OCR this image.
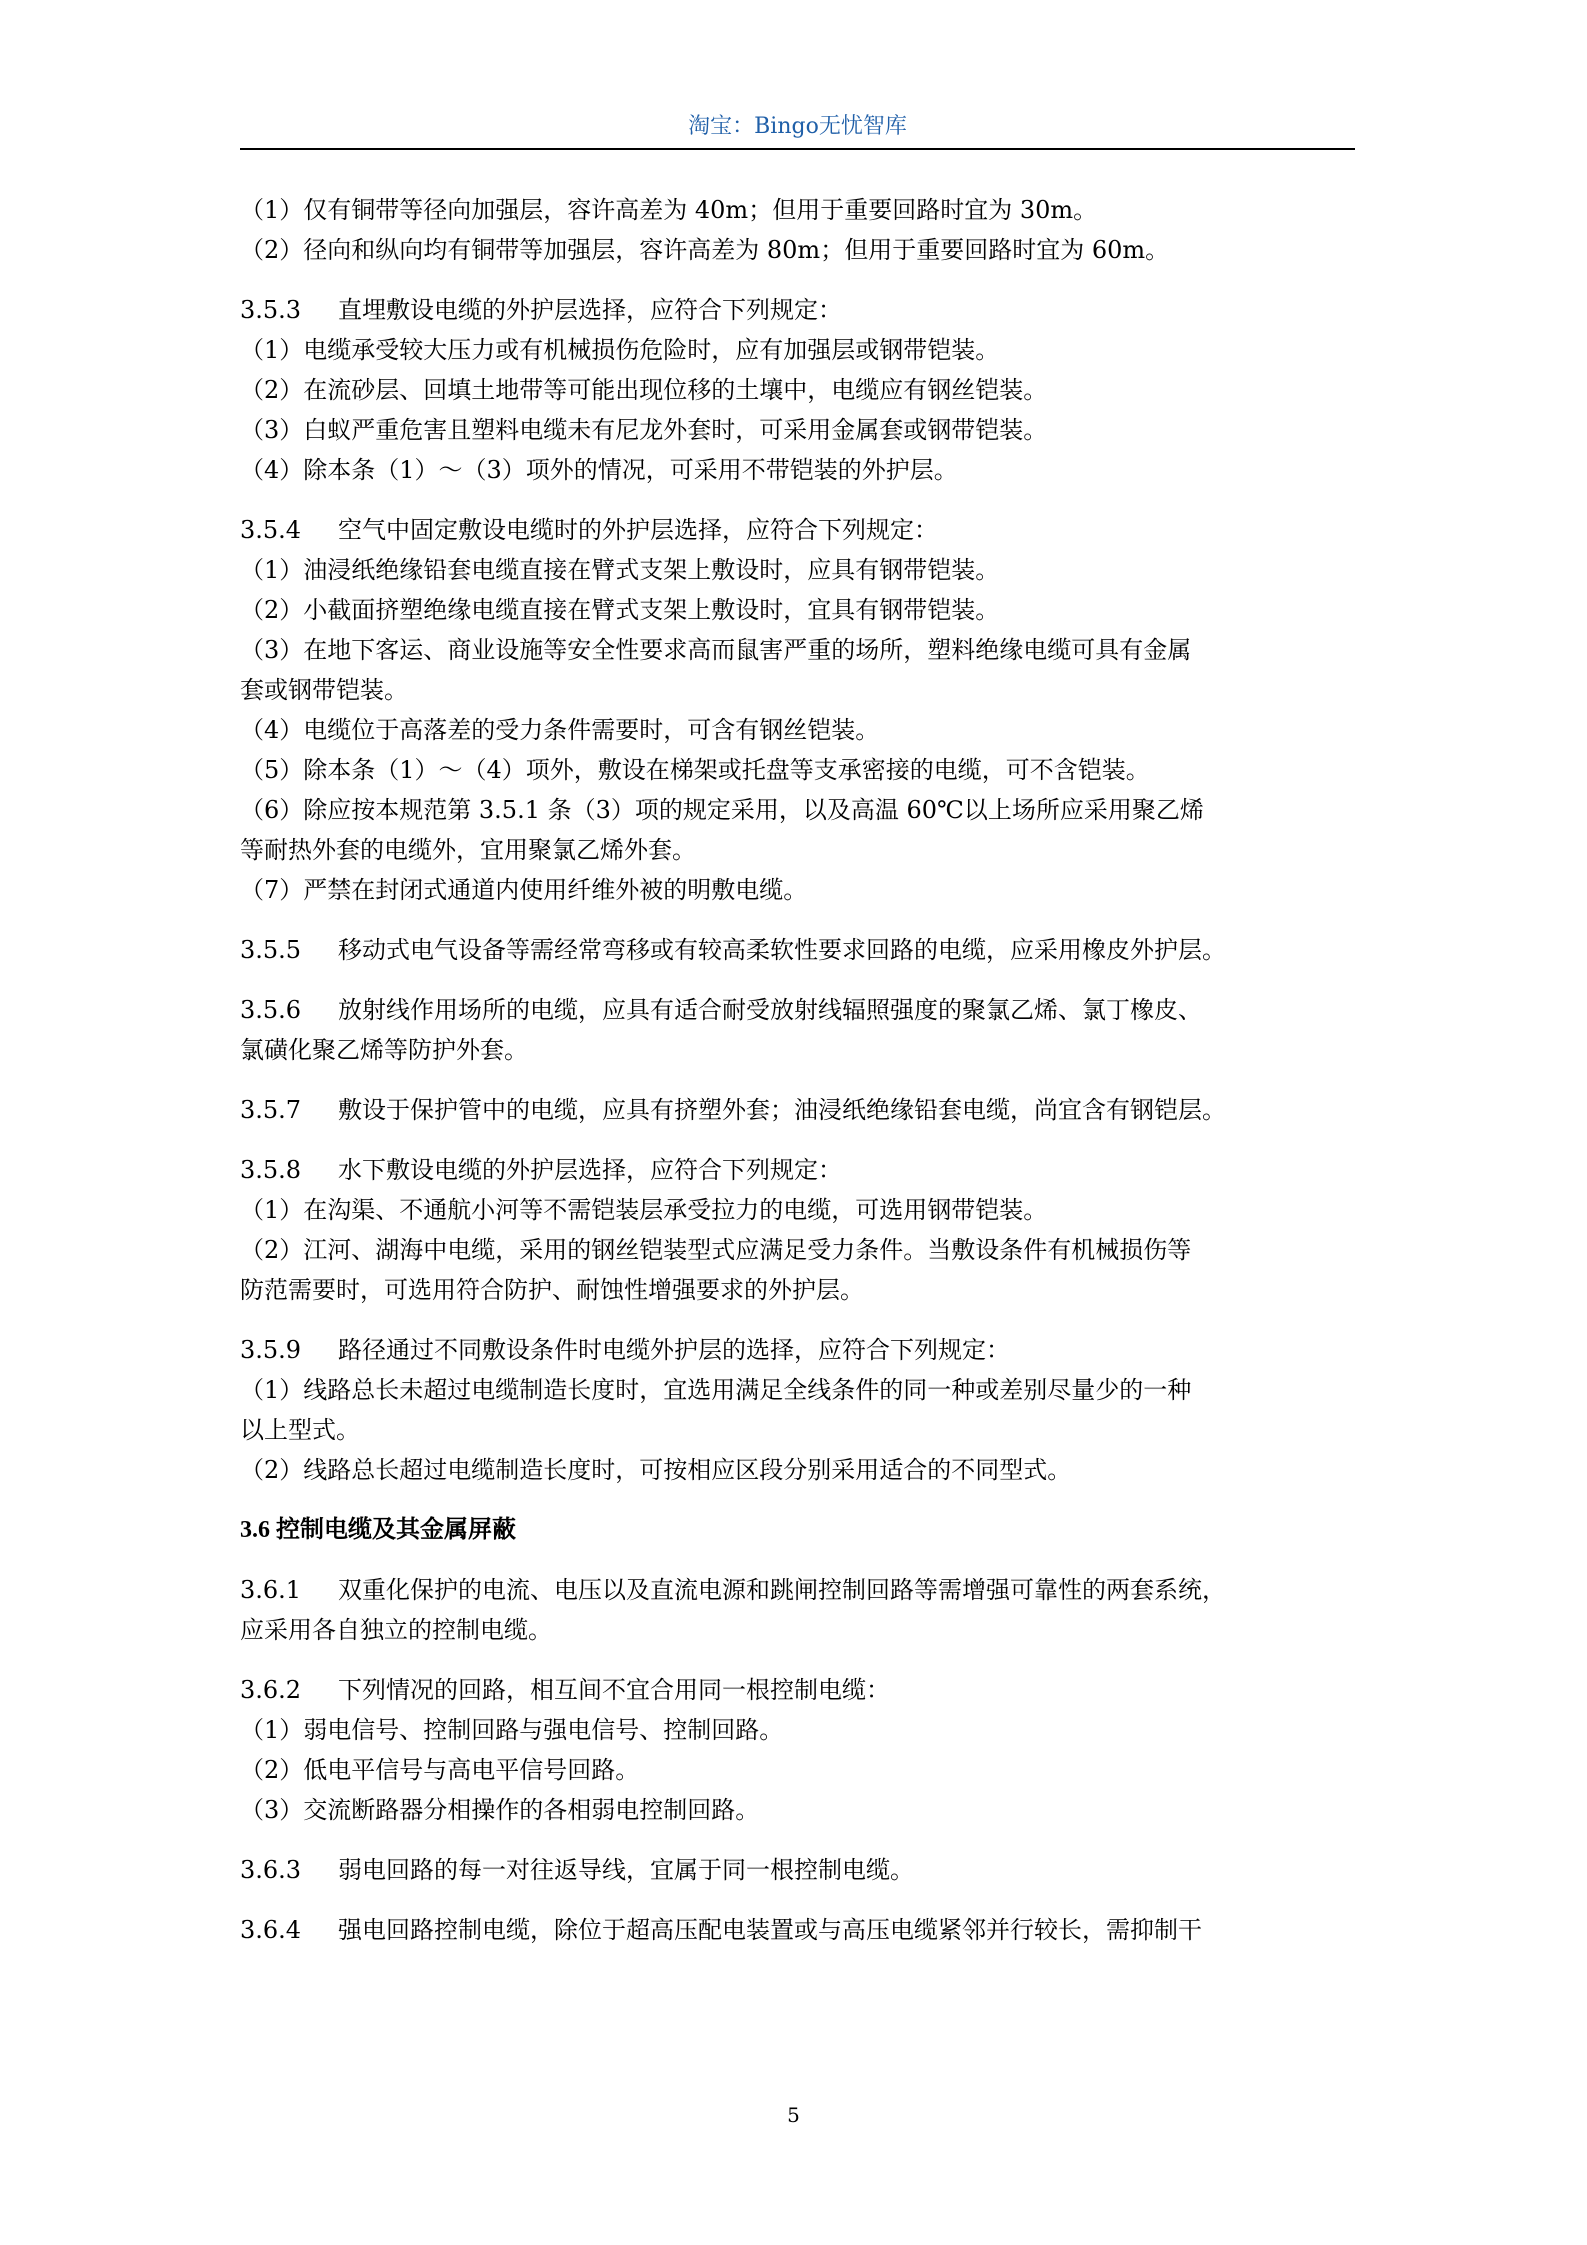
淘宝：Bingo无忧智库
（1）仅有铜带等径向加强层，容许高差为 40m；但用于重要回路时宜为 30m。
（2）径向和纵向均有铜带等加强层，容许高差为 80m；但用于重要回路时宜为 60m。
3.5.3 直埋敷设电缆的外护层选择，应符合下列规定：
（1）电缆承受较大压力或有机械损伤危险时，应有加强层或钢带铠装。
（2）在流砂层、回填土地带等可能出现位移的土壤中，电缆应有钢丝铠装。
（3）白蚁严重危害且塑料电缆未有尼龙外套时，可采用金属套或钢带铠装。
（4）除本条（1）～（3）项外的情况，可采用不带铠装的外护层。
3.5.4 空气中固定敷设电缆时的外护层选择，应符合下列规定：
（1）油浸纸绝缘铅套电缆直接在臂式支架上敷设时，应具有钢带铠装。
（2）小截面挤塑绝缘电缆直接在臂式支架上敷设时，宜具有钢带铠装。
（3）在地下客运、商业设施等安全性要求高而鼠害严重的场所，塑料绝缘电缆可具有金属
套或钢带铠装。
（4）电缆位于高落差的受力条件需要时，可含有钢丝铠装。
（5）除本条（1）～（4）项外，敷设在梯架或托盘等支承密接的电缆，可不含铠装。
（6）除应按本规范第 3.5.1 条（3）项的规定采用，以及高温 60℃以上场所应采用聚乙烯
等耐热外套的电缆外，宜用聚氯乙烯外套。
（7）严禁在封闭式通道内使用纤维外被的明敷电缆。
3.5.5 移动式电气设备等需经常弯移或有较高柔软性要求回路的电缆，应采用橡皮外护层。
3.5.6 放射线作用场所的电缆，应具有适合耐受放射线辐照强度的聚氯乙烯、氯丁橡皮、
氯磺化聚乙烯等防护外套。
3.5.7 敷设于保护管中的电缆，应具有挤塑外套；油浸纸绝缘铅套电缆，尚宜含有钢铠层。
3.5.8 水下敷设电缆的外护层选择，应符合下列规定：
（1）在沟渠、不通航小河等不需铠装层承受拉力的电缆，可选用钢带铠装。
（2）江河、湖海中电缆，采用的钢丝铠装型式应满足受力条件。当敷设条件有机械损伤等
防范需要时，可选用符合防护、耐蚀性增强要求的外护层。
3.5.9 路径通过不同敷设条件时电缆外护层的选择，应符合下列规定：
（1）线路总长未超过电缆制造长度时，宜选用满足全线条件的同一种或差别尽量少的一种
以上型式。
（2）线路总长超过电缆制造长度时，可按相应区段分别采用适合的不同型式。
3.6 控制电缆及其金属屏蔽
3.6.1 双重化保护的电流、电压以及直流电源和跳闸控制回路等需增强可靠性的两套系统，
应采用各自独立的控制电缆。
3.6.2 下列情况的回路，相互间不宜合用同一根控制电缆：
（1）弱电信号、控制回路与强电信号、控制回路。
（2）低电平信号与高电平信号回路。
（3）交流断路器分相操作的各相弱电控制回路。
3.6.3 弱电回路的每一对往返导线，宜属于同一根控制电缆。
3.6.4 强电回路控制电缆，除位于超高压配电装置或与高压电缆紧邻并行较长，需抑制干
5
